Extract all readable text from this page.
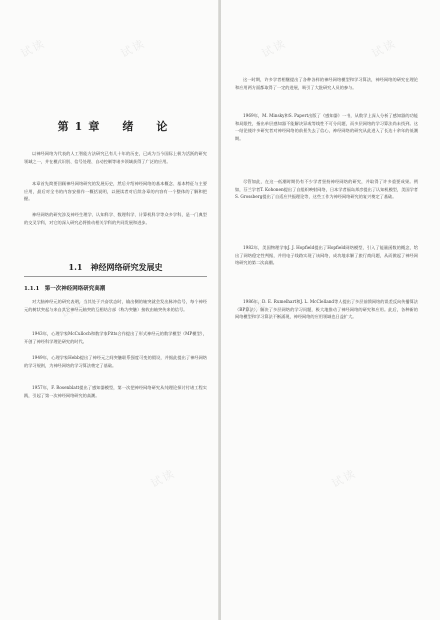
试读	试读
试读
试读
第1章　绪　论

以神经网络为代表的人工智能方法研究已有几十年的历史，已成为当今国际上极为活跃的研究领域之一，并在模式识别、信号处理、自动控制等诸多领域获得了广泛的应用。

本章首先简要回顾神经网络研究的发展历史，然后介绍神经网络的基本概念、基本特征与主要应用，最后对全书的内容安排作一概括说明，以便读者对后续各章的内容有一个整体的了解和把握。

神经网络的研究涉及神经生理学、认知科学、数理科学、计算机科学等众多学科，是一门典型的交叉学科，对它的深入研究必将推动相关学科的共同发展和进步。

1.1　神经网络研究发展史
1.1.1　第一次神经网络研究高潮

对大脑神经元的研究表明，当其处于兴奋状态时，输出侧的轴突就会发出脉冲信号，每个神经元的树状突起与来自其它神经元轴突的互相结合部（称为突触）接收由轴突传来的信号。

1943年，心理学家McCulloch和数学家Pitts合作提出了形式神经元的数学模型（MP模型），开创了神经科学理论研究的时代。

1949年，心理学家Hebb提出了神经元之间突触联系强度可变的假设，并据此提出了神经网络的学习规则，为神经网络的学习算法奠定了基础。

1957年，F. Rosenblatt提出了感知器模型，第一次把神经网络研究从纯理论探讨付诸工程实践，引起了第一次神经网络研究的高潮。

试读	试读
试读
试读

这一时期，许多学者相继提出了各种各样的神经网络模型和学习算法，神经网络的研究在理论和应用两方面都取得了一定的进展，吸引了大批研究人员的参与。

1969年，M. Minsky和S. Papert出版了《感知器》一书，从数学上深入分析了感知器的功能和局限性，指出单层感知器不能解决异或等线性不可分问题，而多层网络的学习算法尚未找到。这一结论使许多研究者对神经网络的前景失去了信心，神经网络的研究从此进入了长达十余年的低潮期。

尽管如此，在这一低潮时期仍有不少学者坚持神经网络的研究，并取得了许多重要成果。例如，芬兰学者T. Kohonen提出了自组织映射网络，日本学者福岛邦彦提出了认知机模型，美国学者S. Grossberg提出了自适应共振理论等，这些工作为神经网络研究的复兴奠定了基础。

1982年，美国物理学家J. J. Hopfield提出了Hopfield网络模型，引入了能量函数的概念，给出了网络稳定性判据，并用电子线路实现了该网络，成功地求解了旅行商问题，从而掀起了神经网络研究的第二次高潮。

1986年，D. E. Rumelhart和J. L. McClelland等人提出了多层前馈网络的误差反向传播算法（BP算法），解决了多层网络的学习问题，极大地推动了神经网络的研究和应用。此后，各种新的网络模型和学习算法不断涌现，神经网络的应用领域也日益扩大。
